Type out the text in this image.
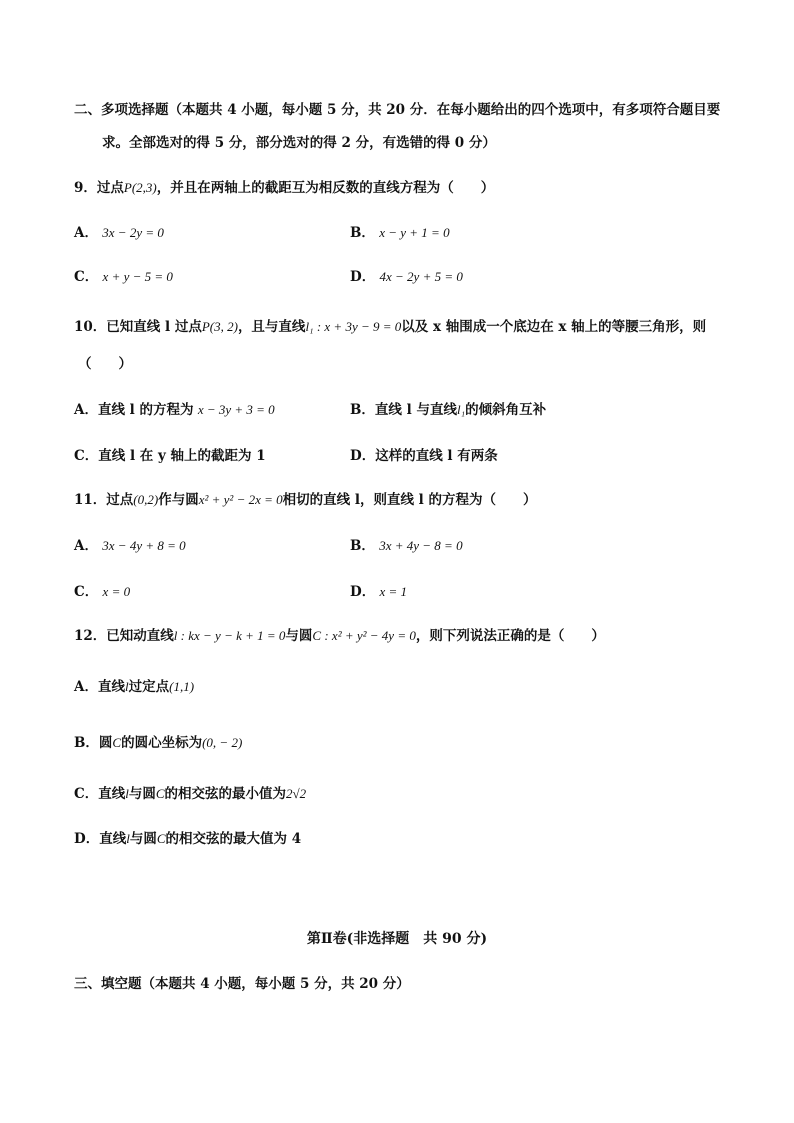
二、多项选择题（本题共 4 小题，每小题 5 分，共 20 分．在每小题给出的四个选项中，有多项符合题目要
求。全部选对的得 5 分，部分选对的得 2 分，有选错的得 0 分）
9．过点P(2,3)，并且在两轴上的截距互为相反数的直线方程为（　　）
A． 3x − 2y = 0	B． x − y + 1 = 0
C． x + y − 5 = 0	D． 4x − 2y + 5 = 0
10．已知直线 l 过点P(3, 2)，且与直线l₁ : x + 3y − 9 = 0以及 x 轴围成一个底边在 x 轴上的等腰三角形，则
（　　）
A．直线 l 的方程为 x − 3y + 3 = 0	B．直线 l 与直线l₁的倾斜角互补
C．直线 l 在 y 轴上的截距为 1	D．这样的直线 l 有两条
11．过点(0,2)作与圆x² + y² − 2x = 0相切的直线 l，则直线 l 的方程为（　　）
A． 3x − 4y + 8 = 0	B． 3x + 4y − 8 = 0
C． x = 0	D． x = 1
12．已知动直线l : kx − y − k + 1 = 0与圆C : x² + y² − 4y = 0，则下列说法正确的是（　　）
A．直线l过定点(1,1)
B．圆C的圆心坐标为(0, − 2)
C．直线l与圆C的相交弦的最小值为2√2
D．直线l与圆C的相交弦的最大值为 4
第Ⅱ卷(非选择题　共 90 分)
三、填空题（本题共 4 小题，每小题 5 分，共 20 分）
